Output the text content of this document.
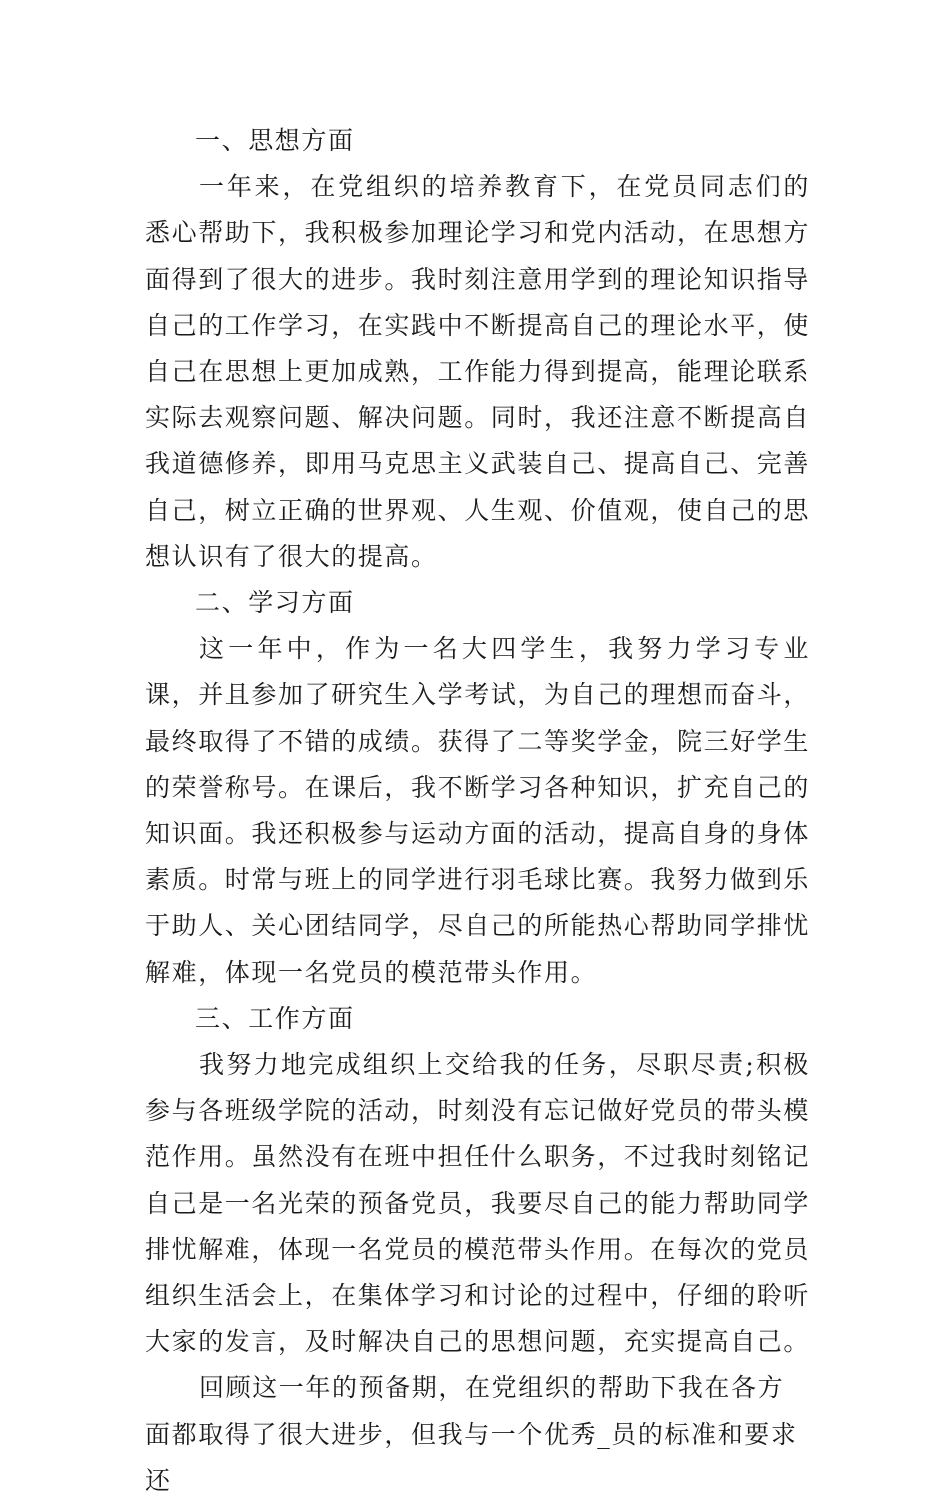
一、思想方面

一年来，在党组织的培养教育下，在党员同志们的悉心帮助下，我积极参加理论学习和党内活动，在思想方面得到了很大的进步。我时刻注意用学到的理论知识指导自己的工作学习，在实践中不断提高自己的理论水平，使自己在思想上更加成熟，工作能力得到提高，能理论联系实际去观察问题、解决问题。同时，我还注意不断提高自我道德修养，即用马克思主义武装自己、提高自己、完善自己，树立正确的世界观、人生观、价值观，使自己的思想认识有了很大的提高。

二、学习方面

这一年中，作为一名大四学生，我努力学习专业课，并且参加了研究生入学考试，为自己的理想而奋斗，最终取得了不错的成绩。获得了二等奖学金，院三好学生的荣誉称号。在课后，我不断学习各种知识，扩充自己的知识面。我还积极参与运动方面的活动，提高自身的身体素质。时常与班上的同学进行羽毛球比赛。我努力做到乐于助人、关心团结同学，尽自己的所能热心帮助同学排忧解难，体现一名党员的模范带头作用。

三、工作方面

我努力地完成组织上交给我的任务，尽职尽责;积极参与各班级学院的活动，时刻没有忘记做好党员的带头模范作用。虽然没有在班中担任什么职务，不过我时刻铭记自己是一名光荣的预备党员，我要尽自己的能力帮助同学排忧解难，体现一名党员的模范带头作用。在每次的党员组织生活会上，在集体学习和讨论的过程中，仔细的聆听大家的发言，及时解决自己的思想问题，充实提高自己。

回顾这一年的预备期，在党组织的帮助下我在各方面都取得了很大进步，但我与一个优秀_员的标准和要求还
